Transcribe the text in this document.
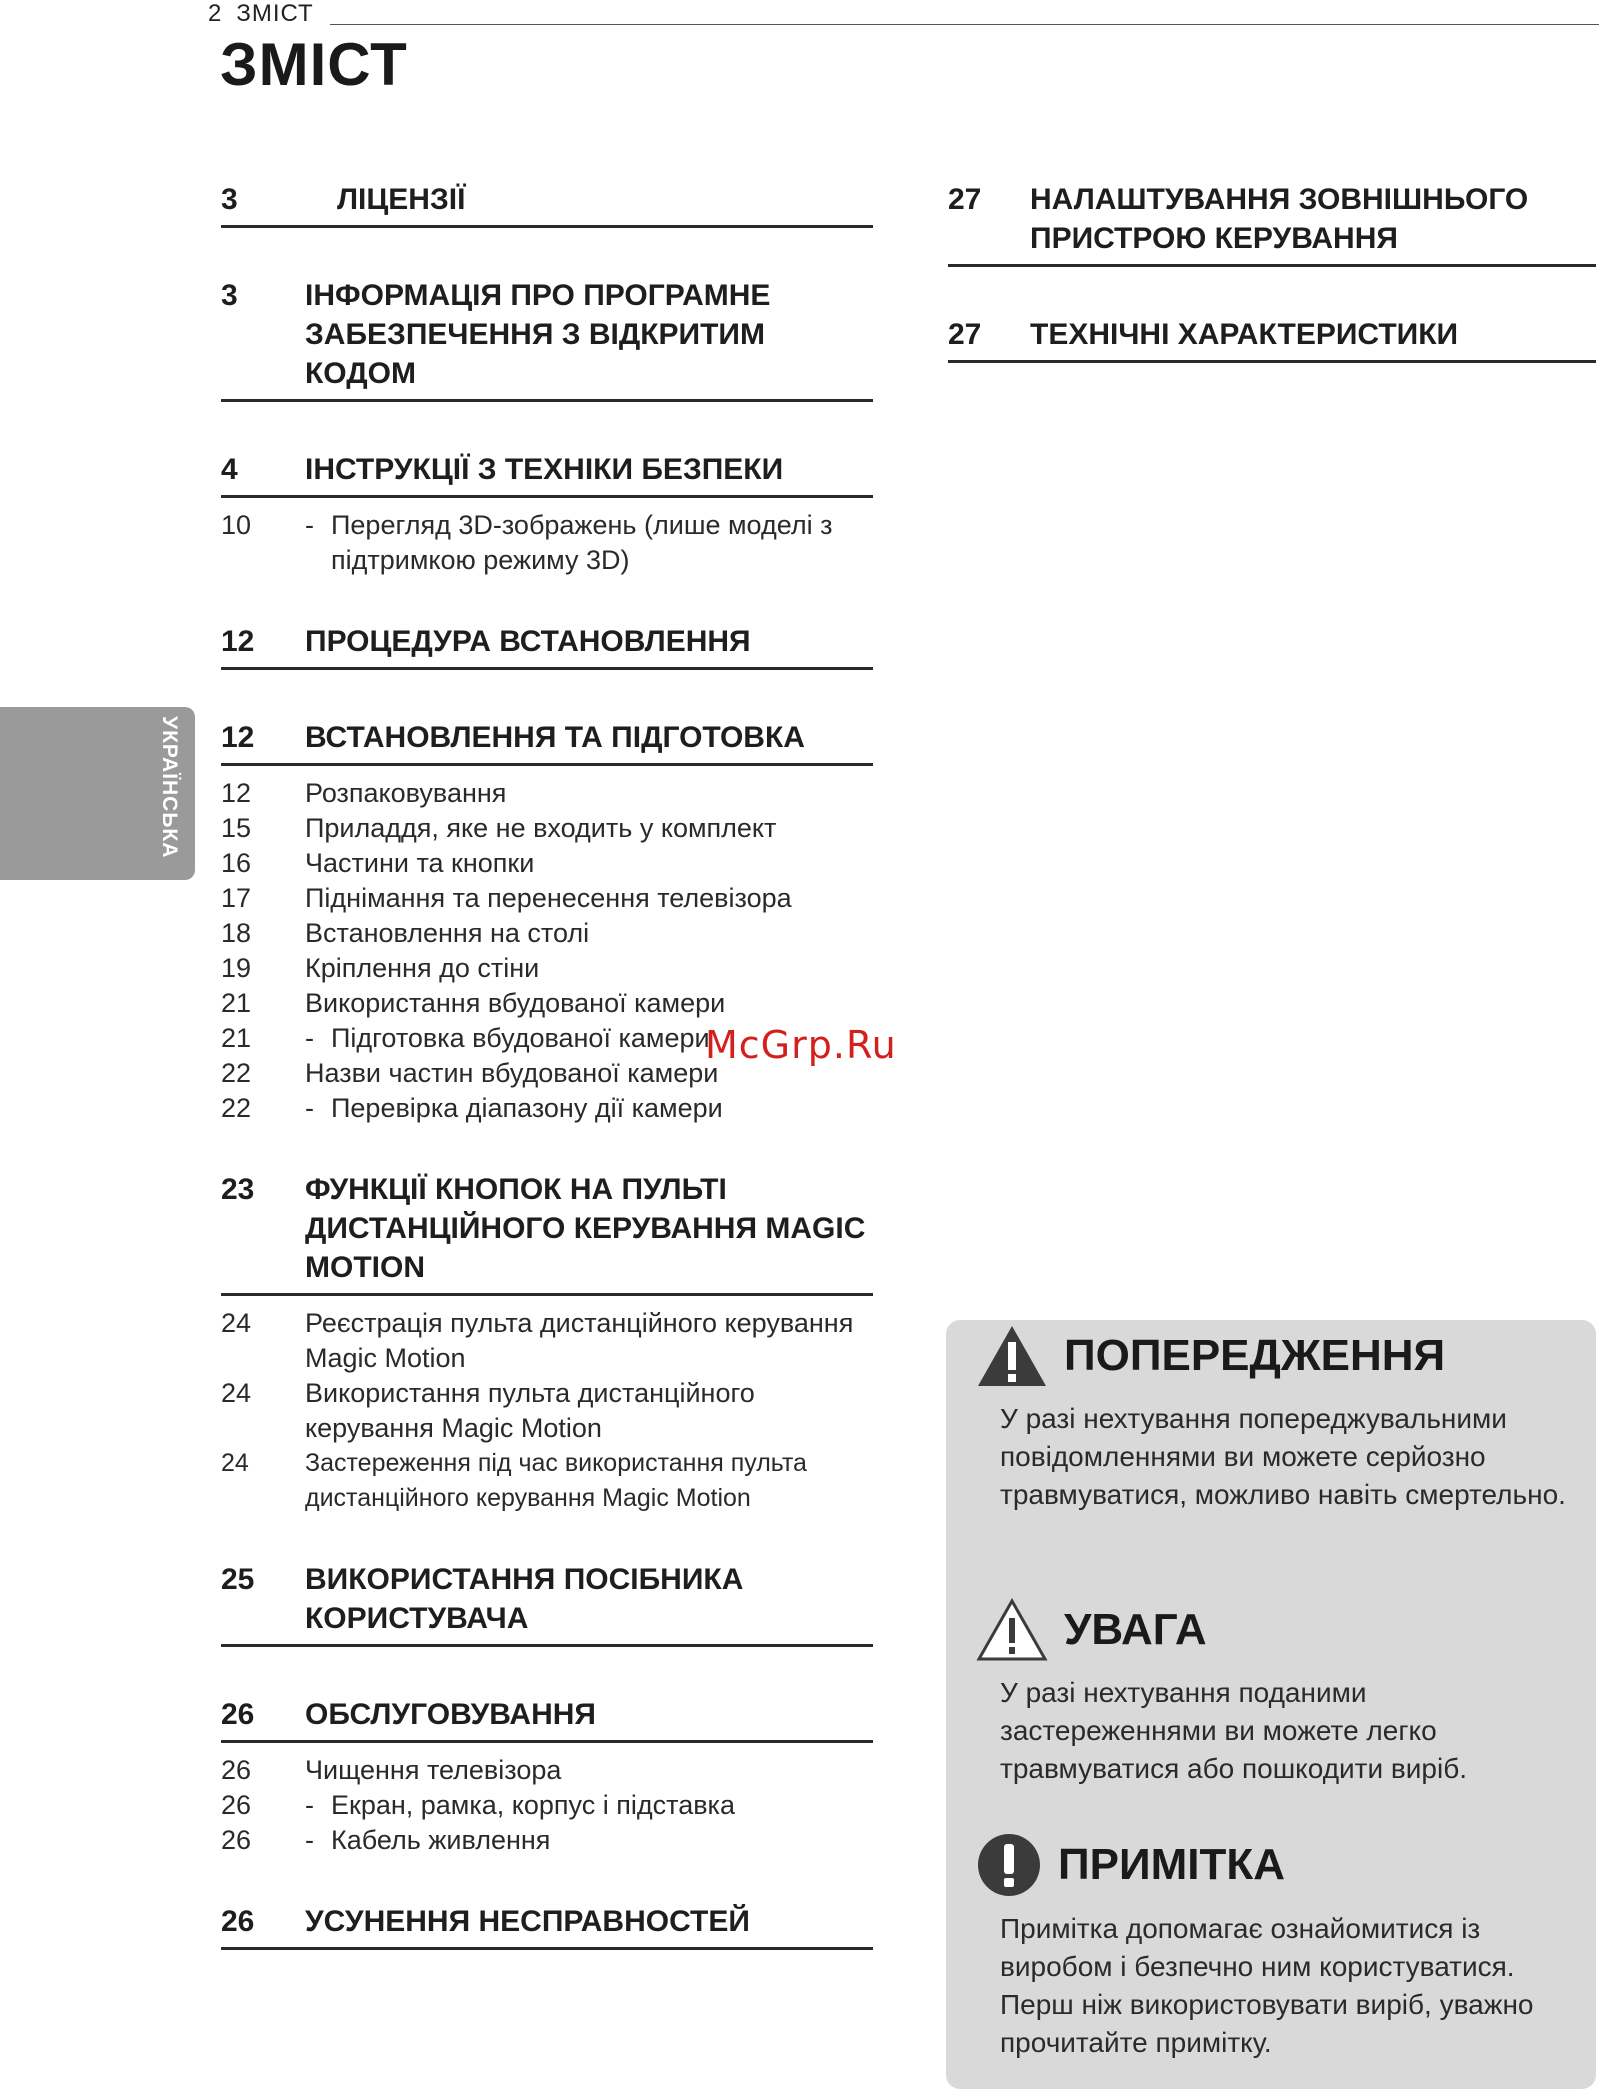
2 ЗМІСТ
ЗМІСТ
УКРАЇНСЬКА
3	ЛІЦЕНЗІЇ
3	ІНФОРМАЦІЯ ПРО ПРОГРАМНЕ ЗАБЕЗПЕЧЕННЯ З ВІДКРИТИМ КОДОМ
4	ІНСТРУКЦІЇ З ТЕХНІКИ БЕЗПЕКИ
10	- Перегляд 3D-зображень (лише моделі з підтримкою режиму 3D)
12	ПРОЦЕДУРА ВСТАНОВЛЕННЯ
12	ВСТАНОВЛЕННЯ ТА ПІДГОТОВКА
12	Розпаковування
15	Приладдя, яке не входить у комплект
16	Частини та кнопки
17	Піднімання та перенесення телевізора
18	Встановлення на столі
19	Кріплення до стіни
21	Використання вбудованої камери
21	- Підготовка вбудованої камери
22	Назви частин вбудованої камери
22	- Перевірка діапазону дії камери
23	ФУНКЦІЇ КНОПОК НА ПУЛЬТІ ДИСТАНЦІЙНОГО КЕРУВАННЯ MAGIC MOTION
24	Реєстрація пульта дистанційного керування Magic Motion
24	Використання пульта дистанційного керування Magic Motion
24	Застереження під час використання пульта дистанційного керування Magic Motion
25	ВИКОРИСТАННЯ ПОСІБНИКА КОРИСТУВАЧА
26	ОБСЛУГОВУВАННЯ
26	Чищення телевізора
26	- Екран, рамка, корпус і підставка
26	- Кабель живлення
26	УСУНЕННЯ НЕСПРАВНОСТЕЙ
27	НАЛАШТУВАННЯ ЗОВНІШНЬОГО ПРИСТРОЮ КЕРУВАННЯ
27	ТЕХНІЧНІ ХАРАКТЕРИСТИКИ
McGrp.Ru
ПОПЕРЕДЖЕННЯ
У разі нехтування попереджувальними повідомленнями ви можете серйозно травмуватися, можливо навіть смертельно.
УВАГА
У разі нехтування поданими застереженнями ви можете легко травмуватися або пошкодити виріб.
ПРИМІТКА
Примітка допомагає ознайомитися із виробом і безпечно ним користуватися. Перш ніж використовувати виріб, уважно прочитайте примітку.
